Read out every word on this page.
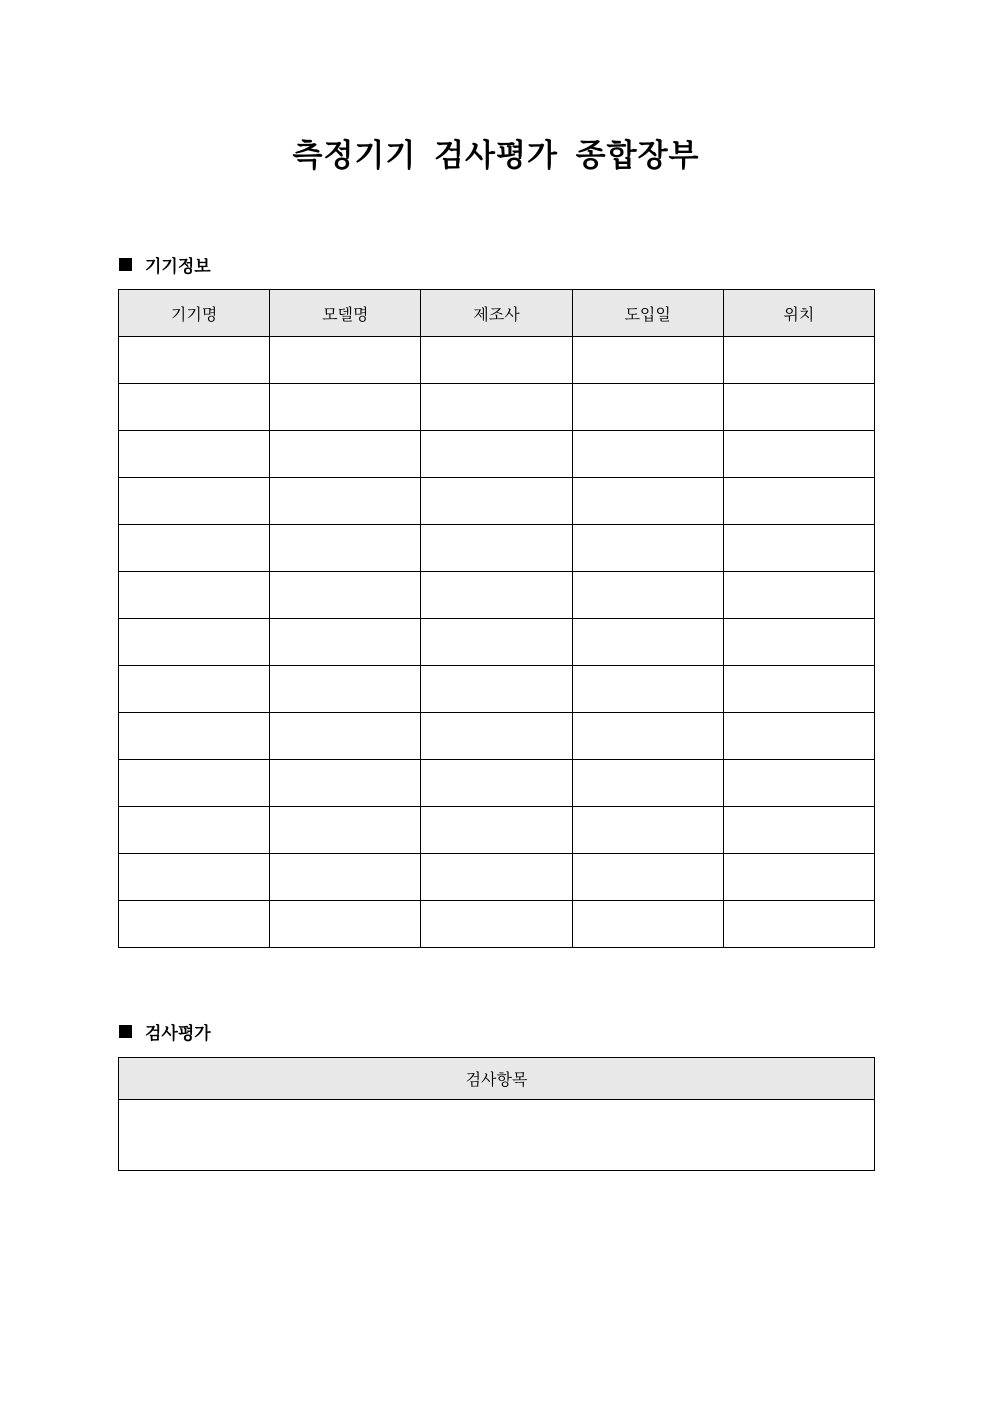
측정기기 검사평가 종합장부
기기정보
기기명	모델명	제조사	도입일	위치

검사평가
검사항목
